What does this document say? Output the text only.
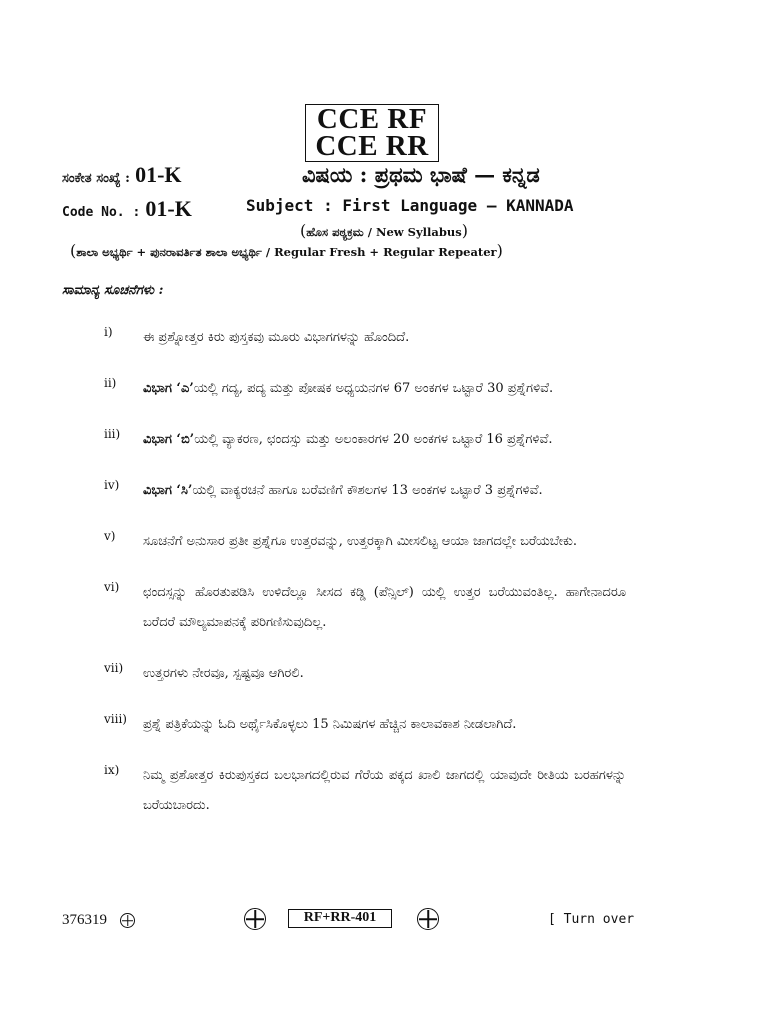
CCE RF
CCE RR
ಸಂಕೇತ ಸಂಖ್ಯೆ : 01-K	ವಿಷಯ : ಪ್ರಥಮ ಭಾಷೆ — ಕನ್ನಡ
Code No. : 01-K	Subject : First Language — KANNADA
(ಹೊಸ ಪಠ್ಯಕ್ರಮ / New Syllabus)
(ಶಾಲಾ ಅಭ್ಯರ್ಥಿ + ಪುನರಾವರ್ತಿತ ಶಾಲಾ ಅಭ್ಯರ್ಥಿ / Regular Fresh + Regular Repeater)
ಸಾಮಾನ್ಯ ಸೂಚನೆಗಳು :
i) ಈ ಪ್ರಶ್ನೋತ್ತರ ಕಿರು ಪುಸ್ತಕವು ಮೂರು ವಿಭಾಗಗಳನ್ನು ಹೊಂದಿದೆ.
ii) ವಿಭಾಗ ‘ಎ’ಯಲ್ಲಿ ಗದ್ಯ, ಪದ್ಯ ಮತ್ತು ಪೋಷಕ ಅಧ್ಯಯನಗಳ 67 ಅಂಕಗಳ ಒಟ್ಟಾರೆ 30 ಪ್ರಶ್ನೆಗಳಿವೆ.
iii) ವಿಭಾಗ ‘ಬಿ’ಯಲ್ಲಿ ವ್ಯಾಕರಣ, ಛಂದಸ್ಸು ಮತ್ತು ಅಲಂಕಾರಗಳ 20 ಅಂಕಗಳ ಒಟ್ಟಾರೆ 16 ಪ್ರಶ್ನೆಗಳಿವೆ.
iv) ವಿಭಾಗ ‘ಸಿ’ಯಲ್ಲಿ ವಾಕ್ಯರಚನೆ ಹಾಗೂ ಬರೆವಣಿಗೆ ಕೌಶಲಗಳ 13 ಅಂಕಗಳ ಒಟ್ಟಾರೆ 3 ಪ್ರಶ್ನೆಗಳಿವೆ.
v) ಸೂಚನೆಗೆ ಅನುಸಾರ ಪ್ರತೀ ಪ್ರಶ್ನೆಗೂ ಉತ್ತರವನ್ನು, ಉತ್ತರಕ್ಕಾಗಿ ಮೀಸಲಿಟ್ಟ ಆಯಾ ಜಾಗದಲ್ಲೇ ಬರೆಯಬೇಕು.
vi) ಛಂದಸ್ಸನ್ನು ಹೊರತುಪಡಿಸಿ ಉಳಿದೆಲ್ಲೂ ಸೀಸದ ಕಡ್ಡಿ (ಪೆನ್ಸಿಲ್) ಯಲ್ಲಿ ಉತ್ತರ ಬರೆಯುವಂತಿಲ್ಲ. ಹಾಗೇನಾದರೂ ಬರೆದರೆ ಮೌಲ್ಯಮಾಪನಕ್ಕೆ ಪರಿಗಣಿಸುವುದಿಲ್ಲ.
vii) ಉತ್ತರಗಳು ನೇರವೂ, ಸ್ಪಷ್ಟವೂ ಆಗಿರಲಿ.
viii) ಪ್ರಶ್ನೆ ಪತ್ರಿಕೆಯನ್ನು ಓದಿ ಅರ್ಥೈಸಿಕೊಳ್ಳಲು 15 ನಿಮಿಷಗಳ ಹೆಚ್ಚಿನ ಕಾಲಾವಕಾಶ ನೀಡಲಾಗಿದೆ.
ix) ನಿಮ್ಮ ಪ್ರಶೋತ್ತರ ಕಿರುಪುಸ್ತಕದ ಬಲಭಾಗದಲ್ಲಿರುವ ಗೆರೆಯ ಪಕ್ಕದ ಖಾಲಿ ಜಾಗದಲ್ಲಿ ಯಾವುದೇ ರೀತಿಯ ಬರಹಗಳನ್ನು ಬರೆಯಬಾರದು.
376319	RF+RR-401	[ Turn over
